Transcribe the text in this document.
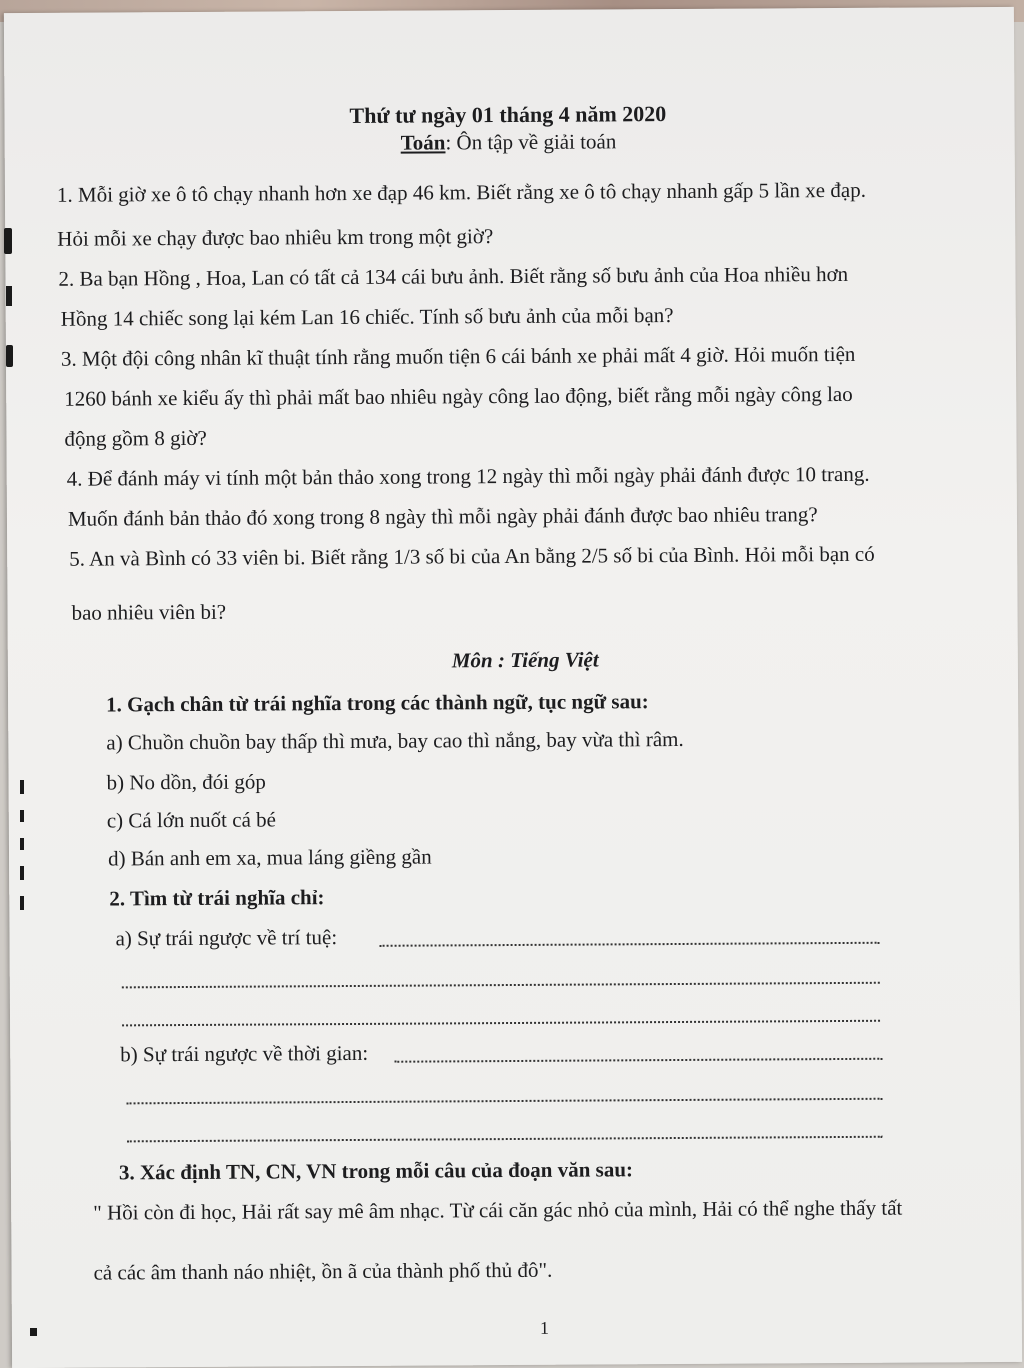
Thứ tư ngày 01 tháng 4 năm 2020
Toán: Ôn tập về giải toán
1. Mỗi giờ xe ô tô chạy nhanh hơn xe đạp 46 km. Biết rằng xe ô tô chạy nhanh gấp 5 lần xe đạp.
Hỏi mỗi xe chạy được bao nhiêu km trong một giờ?
2. Ba bạn Hồng , Hoa, Lan có tất cả 134 cái bưu ảnh. Biết rằng số bưu ảnh của Hoa nhiều hơn
Hồng 14 chiếc song lại kém Lan 16 chiếc. Tính số bưu ảnh của mỗi bạn?
3. Một đội công nhân kĩ thuật tính rằng muốn tiện 6 cái bánh xe phải mất 4 giờ. Hỏi muốn tiện
1260 bánh xe kiểu ấy thì phải mất bao nhiêu ngày công lao động, biết rằng mỗi ngày công lao
động gồm 8 giờ?
4. Để đánh máy vi tính một bản thảo xong trong 12 ngày thì mỗi ngày phải đánh được 10 trang.
Muốn đánh bản thảo đó xong trong 8 ngày thì mỗi ngày phải đánh được bao nhiêu trang?
5. An và Bình có 33 viên bi. Biết rằng 1/3 số bi của An bằng 2/5 số bi của Bình. Hỏi mỗi bạn có
bao nhiêu viên bi?
Môn : Tiếng Việt
1. Gạch chân từ trái nghĩa trong các thành ngữ, tục ngữ sau:
a) Chuồn chuồn bay thấp thì mưa, bay cao thì nắng, bay vừa thì râm.
b) No dồn, đói góp
c) Cá lớn nuốt cá bé
d) Bán anh em xa, mua láng giềng gần
2. Tìm từ trái nghĩa chỉ:
a) Sự trái ngược về trí tuệ:
b) Sự trái ngược về thời gian:
3. Xác định TN, CN, VN trong mỗi câu của đoạn văn sau:
" Hồi còn đi học, Hải rất say mê âm nhạc. Từ cái căn gác nhỏ của mình, Hải có thể nghe thấy tất
cả các âm thanh náo nhiệt, ồn ã của thành phố thủ đô".
1
